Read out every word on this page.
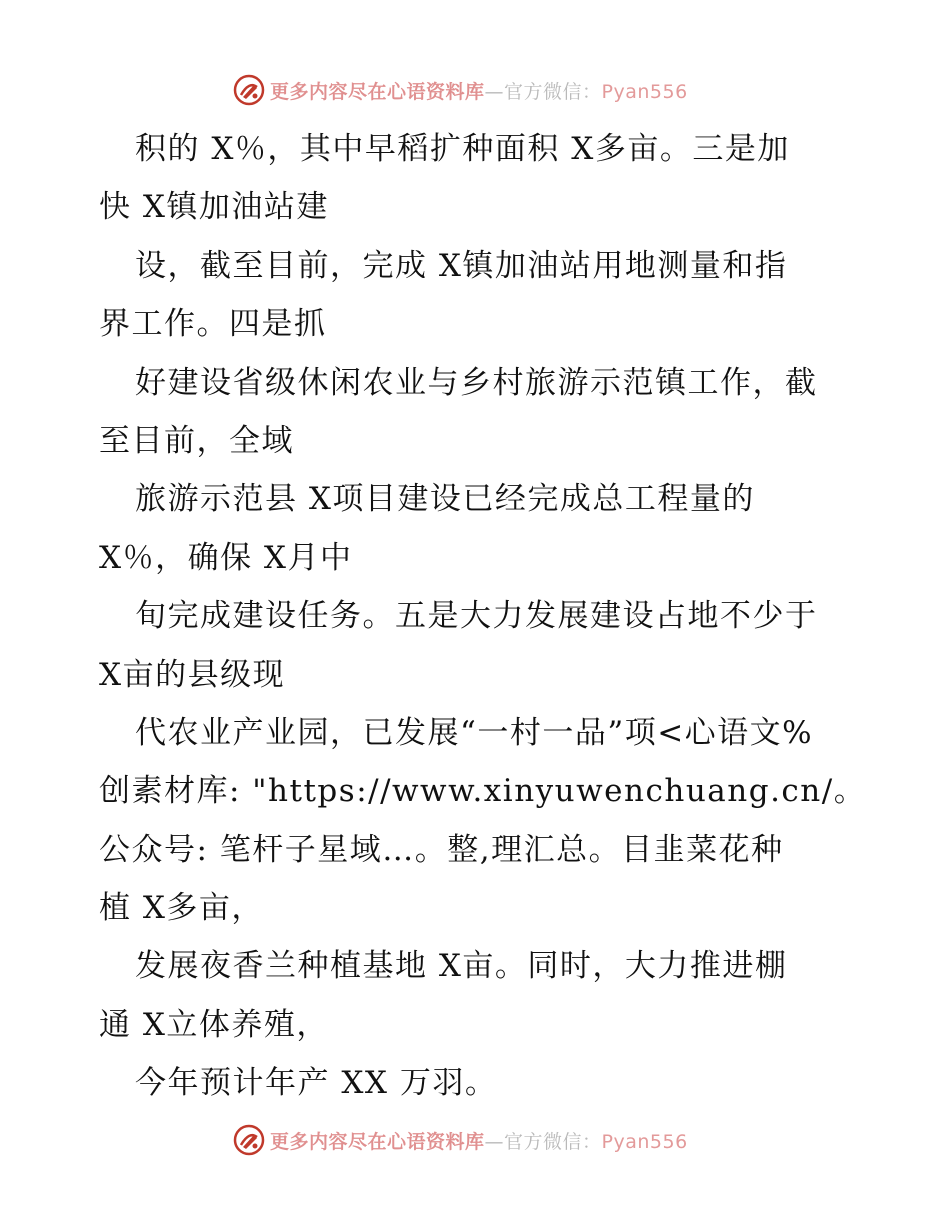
更多内容尽在心语资料库—官方微信：Pyan556
积的 X％，其中早稻扩种面积 X多亩。三是加
快 X镇加油站建
设，截至目前，完成 X镇加油站用地测量和指
界工作。四是抓
好建设省级休闲农业与乡村旅游示范镇工作，截
至目前，全域
旅游示范县 X项目建设已经完成总工程量的
X％，确保 X月中
旬完成建设任务。五是大力发展建设占地不少于
X亩的县级现
代农业产业园，已发展“一村一品”项<心语文%
创素材库: "https://www.xinyuwenchuang.cn/。
公众号: 笔杆子星域…。整,理汇总。目韭菜花种
植 X多亩，
发展夜香兰种植基地 X亩。同时，大力推进棚
通 X立体养殖，
今年预计年产 XX 万羽。
更多内容尽在心语资料库—官方微信：Pyan556
